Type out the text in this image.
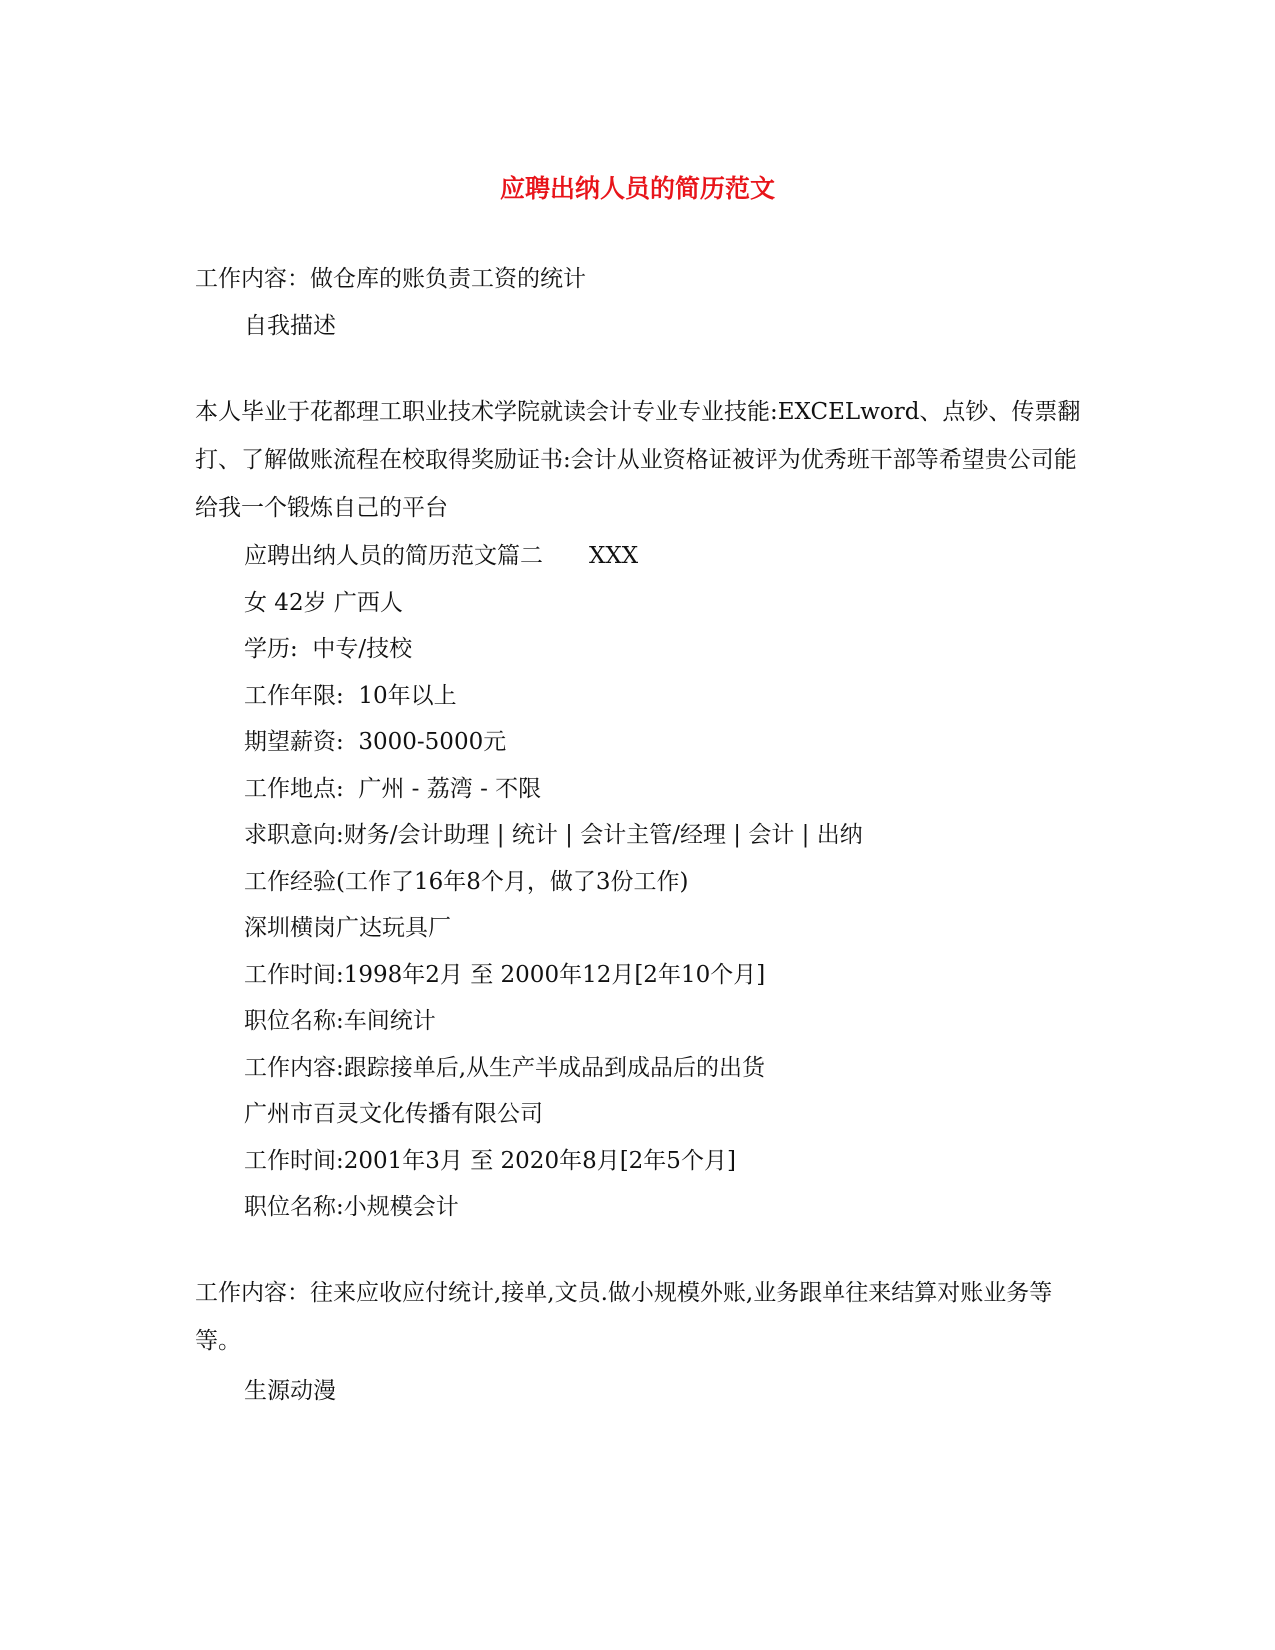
应聘出纳人员的简历范文
工作内容：做仓库的账负责工资的统计
自我描述
本人毕业于花都理工职业技术学院就读会计专业专业技能:EXCELword、点钞、传票翻打、了解做账流程在校取得奖励证书:会计从业资格证被评为优秀班干部等希望贵公司能给我一个锻炼自己的平台
应聘出纳人员的简历范文篇二　　XXX
女 42岁 广西人
学历:  中专/技校
工作年限:  10年以上
期望薪资:  3000-5000元
工作地点:  广州 - 荔湾 - 不限
求职意向:财务/会计助理 | 统计 | 会计主管/经理 | 会计 | 出纳
工作经验(工作了16年8个月，做了3份工作)
深圳横岗广达玩具厂
工作时间:1998年2月 至 2000年12月[2年10个月]
职位名称:车间统计
工作内容:跟踪接单后,从生产半成品到成品后的出货
广州市百灵文化传播有限公司
工作时间:2001年3月 至 2020年8月[2年5个月]
职位名称:小规模会计
工作内容：往来应收应付统计,接单,文员.做小规模外账,业务跟单往来结算对账业务等等。
生源动漫
